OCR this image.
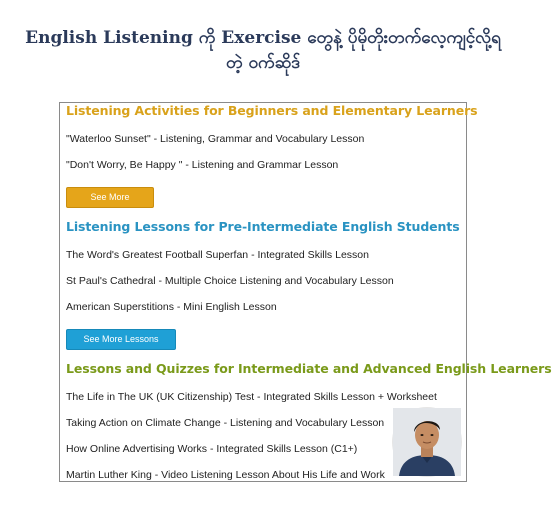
English Listening ကို Exercise တွေနဲ့ ပိုမိုတိုးတက်လေ့ကျင့်လို့ရ
တဲ့ ဝက်ဆိုဒ်
Listening Activities for Beginners and Elementary Learners
"Waterloo Sunset" - Listening, Grammar and Vocabulary Lesson
"Don't Worry, Be Happy " - Listening and Grammar Lesson
See More Lessons
Listening Lessons for Pre-Intermediate English Students
The Word's Greatest Football Superfan - Integrated Skills Lesson
St Paul's Cathedral - Multiple Choice Listening and Vocabulary Lesson
American Superstitions - Mini English Lesson
See More Lessons
Lessons and Quizzes for Intermediate and Advanced English Learners
The Life in The UK (UK Citizenship) Test - Integrated Skills Lesson + Worksheet
Taking Action on Climate Change - Listening and Vocabulary Lesson
How Online Advertising Works - Integrated Skills Lesson (C1+)
Martin Luther King - Video Listening Lesson About His Life and Work
